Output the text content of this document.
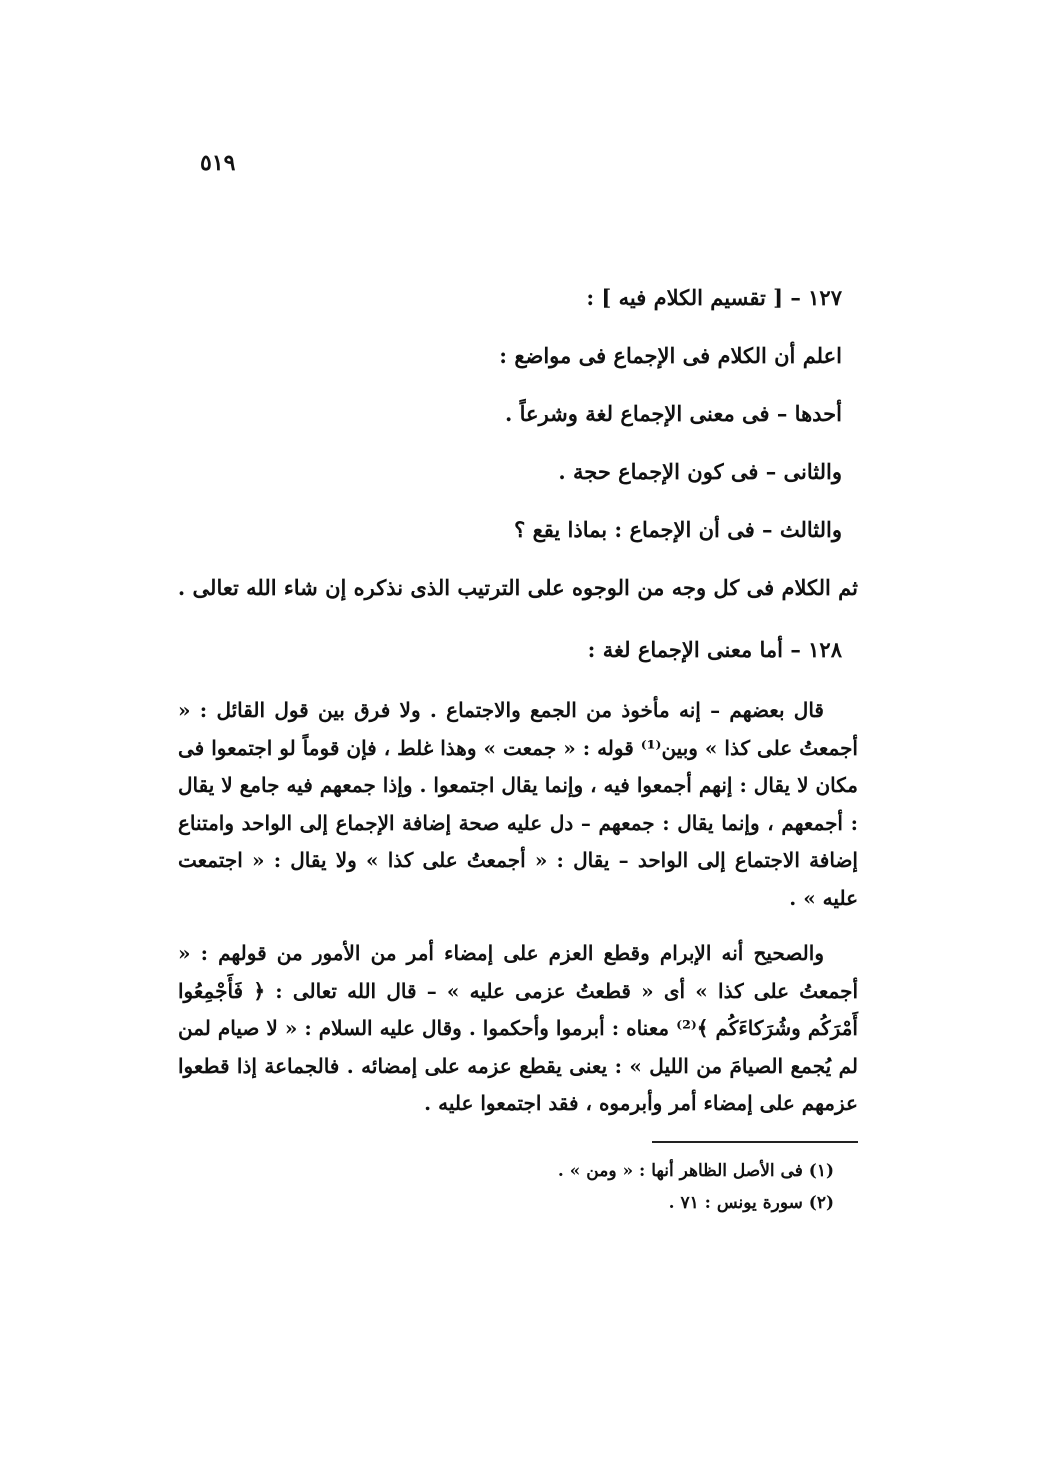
٥١٩

١٢٧ – [ تقسيم الكلام فيه ] :

اعلم أن الكلام فى الإجماع فى مواضع :

أحدها – فى معنى الإجماع لغة وشرعاً .

والثانى – فى كون الإجماع حجة .

والثالث – فى أن الإجماع : بماذا يقع ؟

ثم الكلام فى كل وجه من الوجوه على الترتيب الذى نذكره إن شاء الله تعالى .

١٢٨ – أما معنى الإجماع لغة :

قال بعضهم – إنه مأخوذ من الجمع والاجتماع . ولا فرق بين قول القائل : « أجمعتُ على كذا » وبين⁽¹⁾ قوله : « جمعت » وهذا غلط ، فإن قوماً لو اجتمعوا فى مكان لا يقال : إنهم أجمعوا فيه ، وإنما يقال اجتمعوا . وإذا جمعهم فيه جامع لا يقال : أجمعهم ، وإنما يقال : جمعهم – دل عليه صحة إضافة الإجماع إلى الواحد وامتناع إضافة الاجتماع إلى الواحد – يقال : « أجمعتُ على كذا » ولا يقال : « اجتمعت عليه » .

والصحيح أنه الإبرام وقطع العزم على إمضاء أمر من الأمور من قولهم : « أجمعتُ على كذا » أى « قطعتُ عزمى عليه » – قال الله تعالى : ﴿ فَأَجْمِعُوا أَمْرَكُم وشُرَكاءَكُم ﴾⁽²⁾ معناه : أبرموا وأحكموا . وقال عليه السلام : « لا صيام لمن لم يُجمع الصيامَ من الليل » : يعنى يقطع عزمه على إمضائه . فالجماعة إذا قطعوا عزمهم على إمضاء أمر وأبرموه ، فقد اجتمعوا عليه .

(١) فى الأصل الظاهر أنها : « ومن » .

(٢) سورة يونس : ٧١ .
